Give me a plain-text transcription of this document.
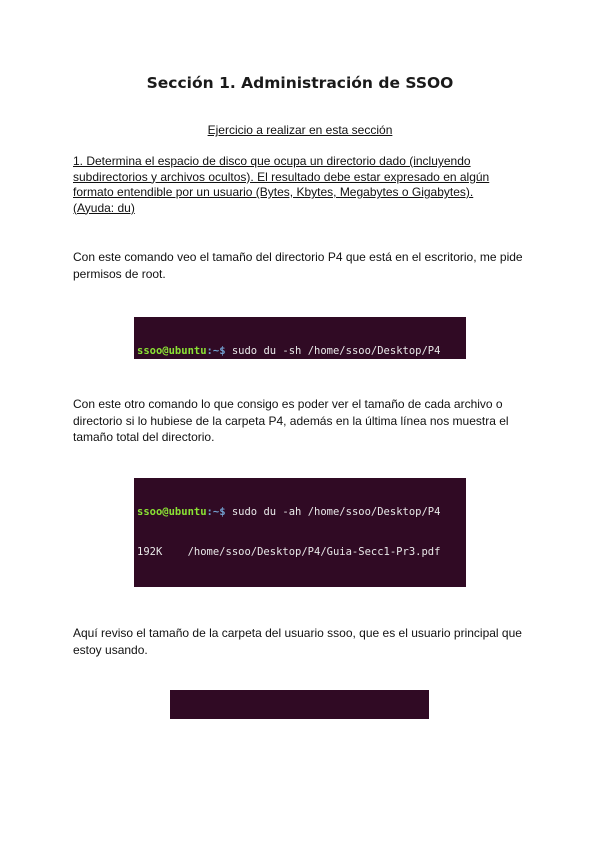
Sección 1. Administración de SSOO
Ejercicio a realizar en esta sección
1. Determina el espacio de disco que ocupa un directorio dado (incluyendo subdirectorios y archivos ocultos). El resultado debe estar expresado en algún formato entendible por un usuario (Bytes, Kbytes, Megabytes o Gigabytes). (Ayuda: du)
Con este comando veo el tamaño del directorio P4 que está en el escritorio, me pide permisos de root.

ssoo@ubuntu:~$ sudo du -sh /home/ssoo/Desktop/P4

Con este otro comando lo que consigo es poder ver el tamaño de cada archivo o directorio si lo hubiese de la carpeta P4, además en la última línea nos muestra el tamaño total del directorio.

ssoo@ubuntu:~$ sudo du -ah /home/ssoo/Desktop/P4

192K    /home/ssoo/Desktop/P4/Guia-Secc1-Pr3.pdf

Aquí reviso el tamaño de la carpeta del usuario ssoo, que es el usuario principal que estoy usando.
